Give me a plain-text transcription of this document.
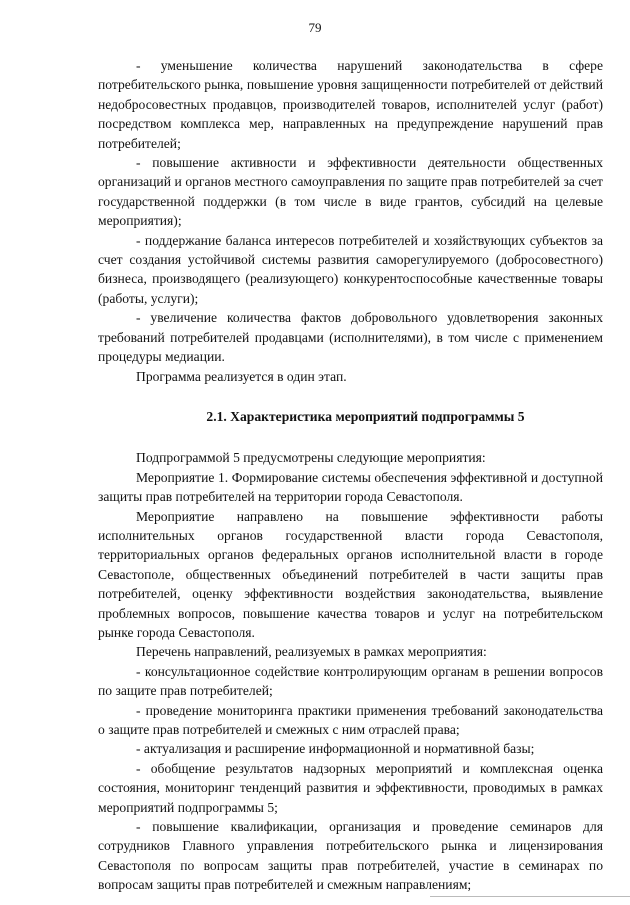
79

- уменьшение количества нарушений законодательства в сфере потребительского рынка, повышение уровня защищенности потребителей от действий недобросовестных продавцов, производителей товаров, исполнителей услуг (работ) посредством комплекса мер, направленных на предупреждение нарушений прав потребителей;

- повышение активности и эффективности деятельности общественных организаций и органов местного самоуправления по защите прав потребителей за счет государственной поддержки (в том числе в виде грантов, субсидий на целевые мероприятия);

- поддержание баланса интересов потребителей и хозяйствующих субъектов за счет создания устойчивой системы развития саморегулируемого (добросовестного) бизнеса, производящего (реализующего) конкурентоспособные качественные товары (работы, услуги);

- увеличение количества фактов добровольного удовлетворения законных требований потребителей продавцами (исполнителями), в том числе с применением процедуры медиации.

Программа реализуется в один этап.

2.1. Характеристика мероприятий подпрограммы 5

Подпрограммой 5 предусмотрены следующие мероприятия:

Мероприятие 1. Формирование системы обеспечения эффективной и доступной защиты прав потребителей на территории города Севастополя.

Мероприятие направлено на повышение эффективности работы исполнительных органов государственной власти города Севастополя, территориальных органов федеральных органов исполнительной власти в городе Севастополе, общественных объединений потребителей в части защиты прав потребителей, оценку эффективности воздействия законодательства, выявление проблемных вопросов, повышение качества товаров и услуг на потребительском рынке города Севастополя.

Перечень направлений, реализуемых в рамках мероприятия:

- консультационное содействие контролирующим органам в решении вопросов по защите прав потребителей;

- проведение мониторинга практики применения требований законодательства о защите прав потребителей и смежных с ним отраслей права;

- актуализация и расширение информационной и нормативной базы;

- обобщение результатов надзорных мероприятий и комплексная оценка состояния, мониторинг тенденций развития и эффективности, проводимых в рамках мероприятий подпрограммы 5;

- повышение квалификации, организация и проведение семинаров для сотрудников Главного управления потребительского рынка и лицензирования Севастополя по вопросам защиты прав потребителей, участие в семинарах по вопросам защиты прав потребителей и смежным направлениям;
